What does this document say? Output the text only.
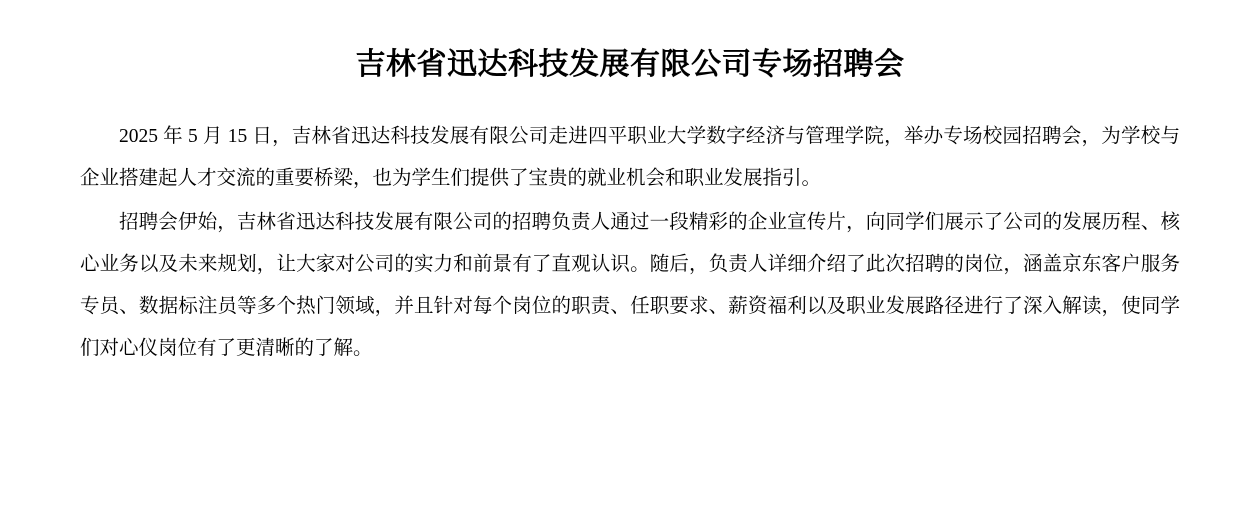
吉林省迅达科技发展有限公司专场招聘会

2025 年 5 月 15 日，吉林省迅达科技发展有限公司走进四平职业大学数字经济与管理学院，举办专场校园招聘会，为学校与企业搭建起人才交流的重要桥梁，也为学生们提供了宝贵的就业机会和职业发展指引。

招聘会伊始，吉林省迅达科技发展有限公司的招聘负责人通过一段精彩的企业宣传片，向同学们展示了公司的发展历程、核心业务以及未来规划，让大家对公司的实力和前景有了直观认识。随后，负责人详细介绍了此次招聘的岗位，涵盖京东客户服务专员、数据标注员等多个热门领域，并且针对每个岗位的职责、任职要求、薪资福利以及职业发展路径进行了深入解读，使同学们对心仪岗位有了更清晰的了解。
